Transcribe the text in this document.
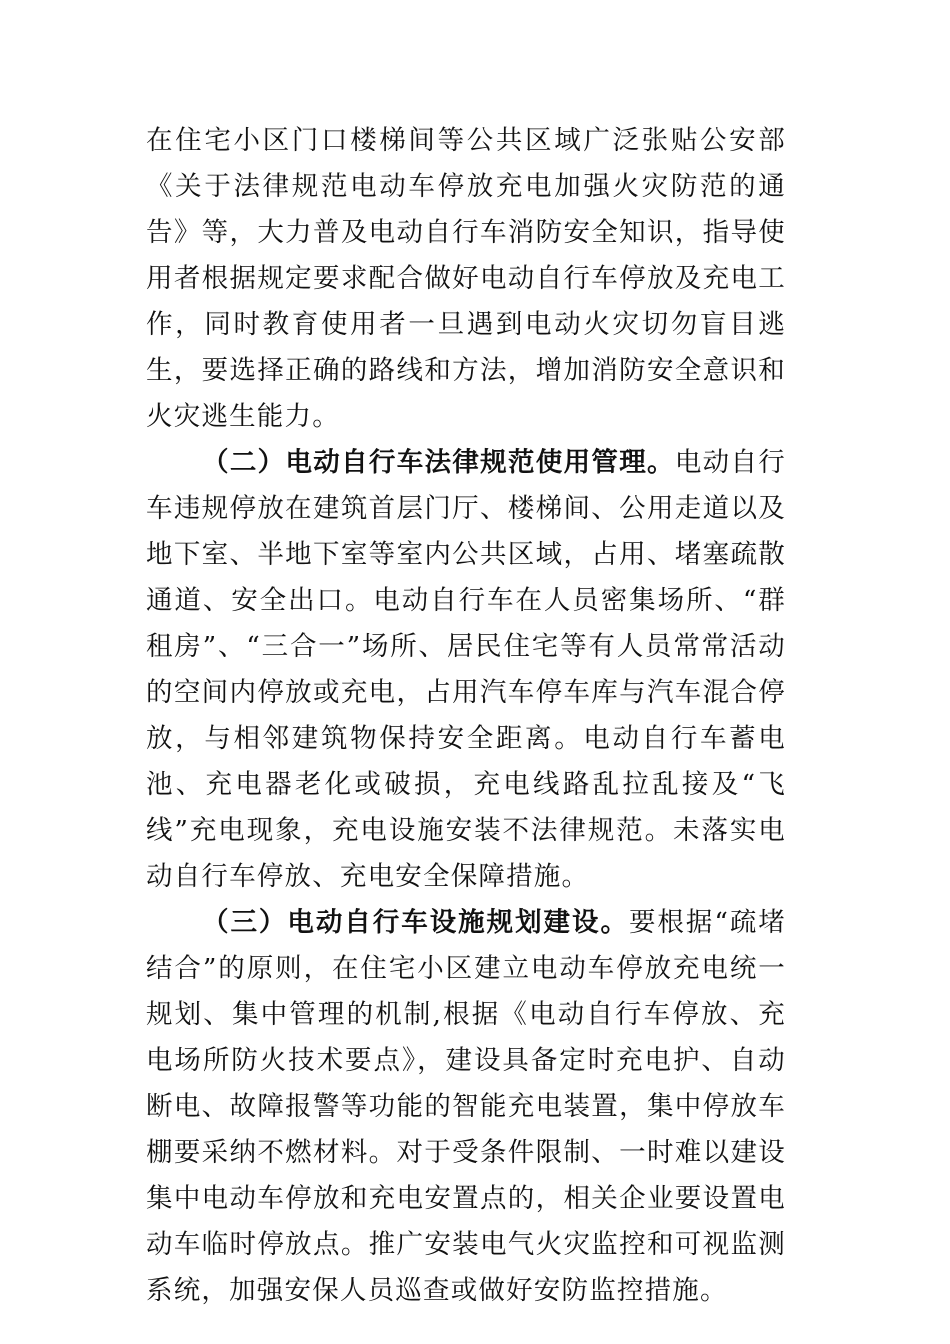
在住宅小区门口楼梯间等公共区域广泛张贴公安部《关于法律规范电动车停放充电加强火灾防范的通告》等，大力普及电动自行车消防安全知识，指导使用者根据规定要求配合做好电动自行车停放及充电工作，同时教育使用者一旦遇到电动火灾切勿盲目逃生，要选择正确的路线和方法，增加消防安全意识和火灾逃生能力。

（二）电动自行车法律规范使用管理。电动自行车违规停放在建筑首层门厅、楼梯间、公用走道以及地下室、半地下室等室内公共区域，占用、堵塞疏散通道、安全出口。电动自行车在人员密集场所、“群租房”、“三合一”场所、居民住宅等有人员常常活动的空间内停放或充电，占用汽车停车库与汽车混合停放，与相邻建筑物保持安全距离。电动自行车蓄电池、充电器老化或破损，充电线路乱拉乱接及“飞线”充电现象，充电设施安装不法律规范。未落实电动自行车停放、充电安全保障措施。

（三）电动自行车设施规划建设。要根据“疏堵结合”的原则，在住宅小区建立电动车停放充电统一规划、集中管理的机制,根据《电动自行车停放、充电场所防火技术要点》，建设具备定时充电护、自动断电、故障报警等功能的智能充电装置，集中停放车棚要采纳不燃材料。对于受条件限制、一时难以建设集中电动车停放和充电安置点的，相关企业要设置电动车临时停放点。推广安装电气火灾监控和可视监测系统，加强安保人员巡查或做好安防监控措施。
